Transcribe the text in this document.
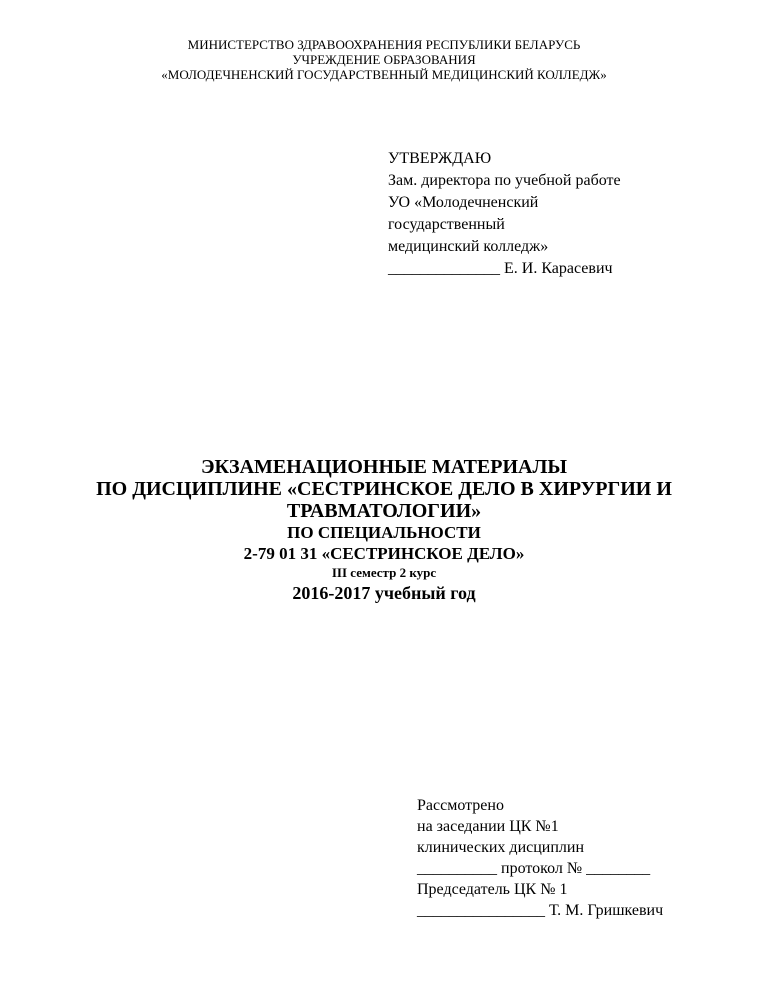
МИНИСТЕРСТВО ЗДРАВООХРАНЕНИЯ РЕСПУБЛИКИ БЕЛАРУСЬ
УЧРЕЖДЕНИЕ ОБРАЗОВАНИЯ
«МОЛОДЕЧНЕНСКИЙ ГОСУДАРСТВЕННЫЙ МЕДИЦИНСКИЙ КОЛЛЕДЖ»
УТВЕРЖДАЮ
Зам. директора по учебной работе
УО «Молодечненский
государственный
медицинский колледж»
______________ Е. И. Карасевич
ЭКЗАМЕНАЦИОННЫЕ МАТЕРИАЛЫ
ПО ДИСЦИПЛИНЕ «СЕСТРИНСКОЕ ДЕЛО В ХИРУРГИИ И
ТРАВМАТОЛОГИИ»
ПО СПЕЦИАЛЬНОСТИ
2-79 01 31 «СЕСТРИНСКОЕ ДЕЛО»
III семестр 2 курс
2016-2017 учебный год
Рассмотрено
на заседании ЦК №1
клинических дисциплин
__________ протокол № ________
Председатель ЦК № 1
________________ Т. М. Гришкевич
